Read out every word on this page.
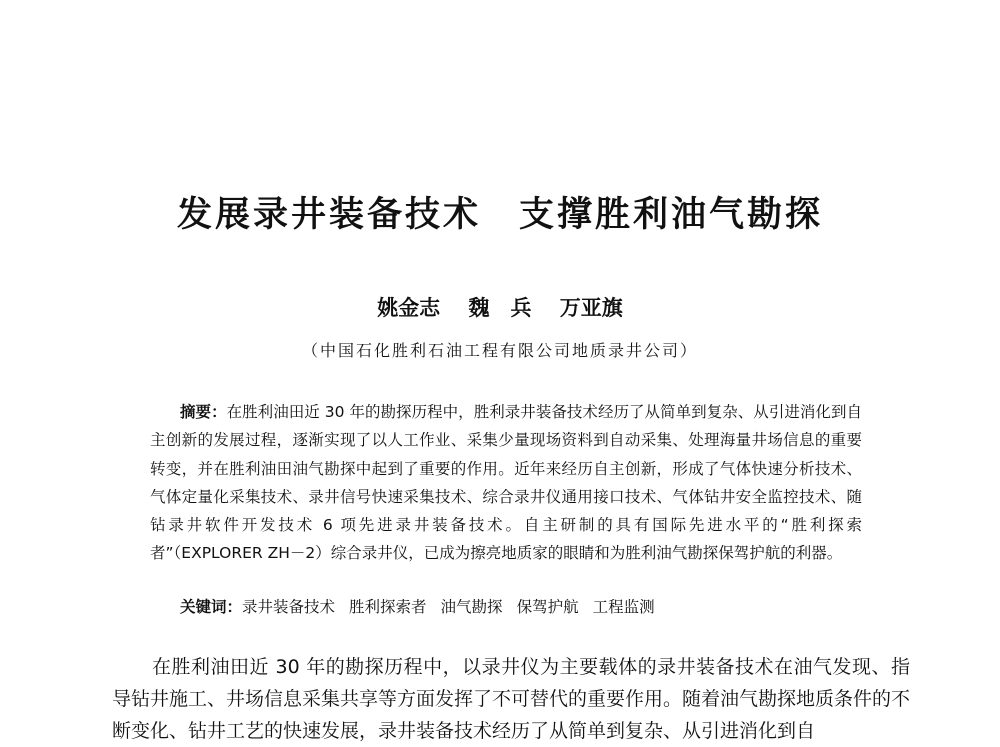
发展录井装备技术　支撑胜利油气勘探
姚金志　 魏　兵　 万亚旗
（中国石化胜利石油工程有限公司地质录井公司）

摘要：在胜利油田近 30 年的勘探历程中，胜利录井装备技术经历了从简单到复杂、从引进消化到自主创新的发展过程，逐渐实现了以人工作业、采集少量现场资料到自动采集、处理海量井场信息的重要转变，并在胜利油田油气勘探中起到了重要的作用。近年来经历自主创新，形成了气体快速分析技术、气体定量化采集技术、录井信号快速采集技术、综合录井仪通用接口技术、气体钻井安全监控技术、随钻录井软件开发技术 6 项先进录井装备技术。自主研制的具有国际先进水平的“胜利探索者”（EXPLORER ZH－2）综合录井仪，已成为擦亮地质家的眼睛和为胜利油气勘探保驾护航的利器。

关键词：录井装备技术 胜利探索者 油气勘探 保驾护航 工程监测

在胜利油田近 30 年的勘探历程中，以录井仪为主要载体的录井装备技术在油气发现、指导钻井施工、井场信息采集共享等方面发挥了不可替代的重要作用。随着油气勘探地质条件的不断变化、钻井工艺的快速发展，录井装备技术经历了从简单到复杂、从引进消化到自
